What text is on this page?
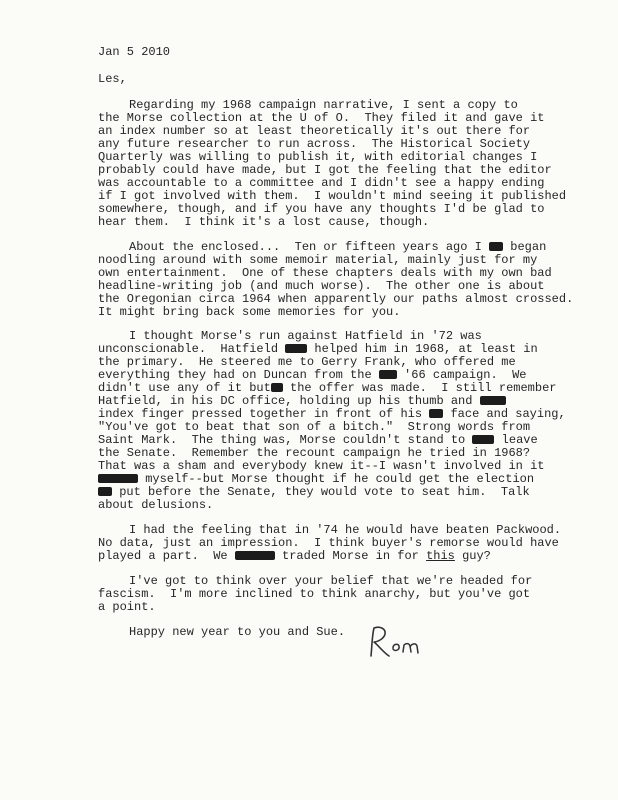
Jan 5 2010
Les,
Regarding my 1968 campaign narrative, I sent a copy to
the Morse collection at the U of O.  They filed it and gave it
an index number so at least theoretically it's out there for
any future researcher to run across.  The Historical Society
Quarterly was willing to publish it, with editorial changes I
probably could have made, but I got the feeling that the editor
was accountable to a committee and I didn't see a happy ending
if I got involved with them.  I wouldn't mind seeing it published
somewhere, though, and if you have any thoughts I'd be glad to
hear them.  I think it's a lost cause, though.
About the enclosed...  Ten or fifteen years ago I  began
noodling around with some memoir material, mainly just for my
own entertainment.  One of these chapters deals with my own bad
headline-writing job (and much worse).  The other one is about
the Oregonian circa 1964 when apparently our paths almost crossed.
It might bring back some memories for you.
I thought Morse's run against Hatfield in '72 was
unconscionable.  Hatfield  helped him in 1968, at least in
the primary.  He steered me to Gerry Frank, who offered me
everything they had on Duncan from the  '66 campaign.  We
didn't use any of it but the offer was made.  I still remember
Hatfield, in his DC office, holding up his thumb and
index finger pressed together in front of his  face and saying,
"You've got to beat that son of a bitch."  Strong words from
Saint Mark.  The thing was, Morse couldn't stand to  leave
the Senate.  Remember the recount campaign he tried in 1968?
That was a sham and everybody knew it--I wasn't involved in it
myself--but Morse thought if he could get the election
put before the Senate, they would vote to seat him.  Talk
about delusions.
I had the feeling that in '74 he would have beaten Packwood.
No data, just an impression.  I think buyer's remorse would have
played a part.  We	traded Morse in for this guy?
I've got to think over your belief that we're headed for
fascism.  I'm more inclined to think anarchy, but you've got
a point.
Happy new year to you and Sue.
